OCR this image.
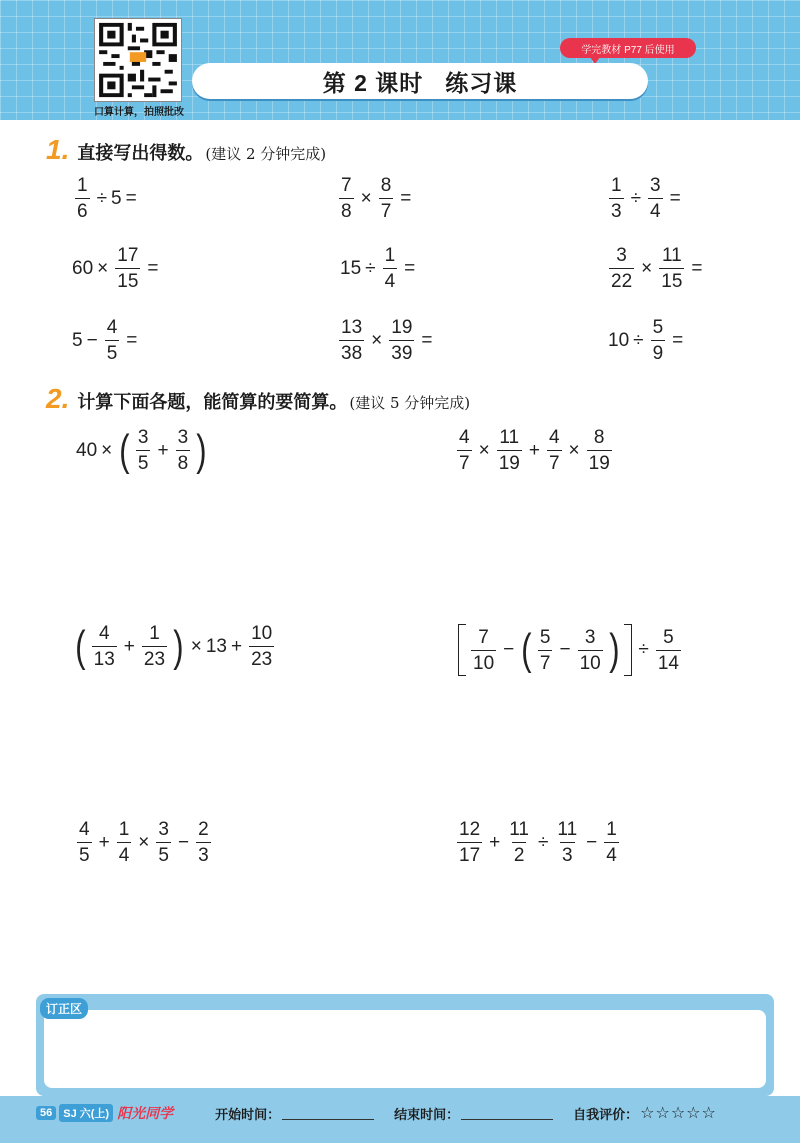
口算计算，拍照批改
学完教材 P77 后使用
第 2 课时 练习课
1. 直接写出得数。 (建议 2 分钟完成)
$\frac{1}{6} \div 5$ =	$\frac{7}{8} \times \frac{8}{7}$ =	$\frac{1}{3} \div \frac{3}{4}$ =
$60 \times \frac{17}{15}$ =	$15 \div \frac{1}{4}$ =	$\frac{3}{22} \times \frac{11}{15}$ =
$5 - \frac{4}{5}$ =	$\frac{13}{38} \times \frac{19}{39}$ =	$10 \div \frac{5}{9}$ =
2. 计算下面各题，能简算的要简算。 (建议 5 分钟完成)
40 × ( $\frac{3}{5} + \frac{3}{8}$ )	$\frac{4}{7} \times \frac{11}{19} + \frac{4}{7} \times \frac{8}{19}$
( $\frac{4}{13} + \frac{1}{23}$ ) × $13 + \frac{10}{23}$	$\frac{7}{10}$ − ( $\frac{5}{7} - \frac{3}{10}$ ) ÷ $\frac{5}{14}$
$\frac{4}{5} + \frac{1}{4} \times \frac{3}{5} - \frac{2}{3}$	$\frac{12}{17} + \frac{11}{2} \div \frac{11}{3} - \frac{1}{4}$
订正区
56	SJ 六(上) 阳光同学	开始时间：	结束时间：	自我评价： ☆☆☆☆☆
